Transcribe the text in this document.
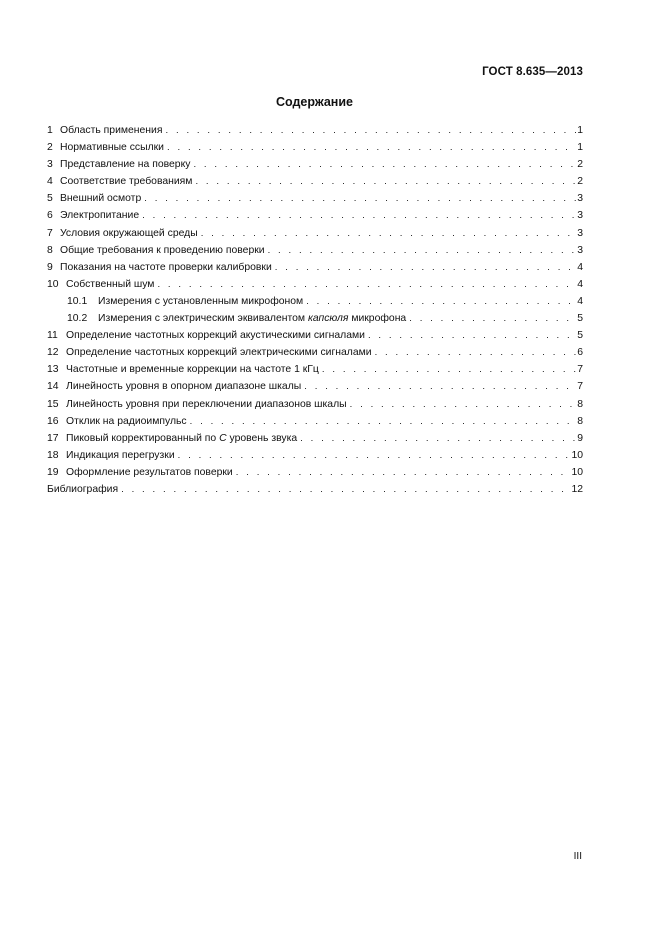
ГОСТ 8.635—2013
Содержание
1 Область применения . . .	1
2 Нормативные ссылки . . .	1
3 Представление на поверку . . .	2
4 Соответствие требованиям . . .	2
5 Внешний осмотр . . .	3
6 Электропитание . . .	3
7 Условия окружающей среды . . .	3
8 Общие требования к проведению поверки . . .	3
9 Показания на частоте проверки калибровки . . .	4
10 Собственный шум . . .	4
10.1	Измерения с установленным микрофоном . . .	4
10.2	Измерения с электрическим эквивалентом капсюля микрофона . . .	5
11 Определение частотных коррекций акустическими сигналами . . .	5
12 Определение частотных коррекций электрическими сигналами . . .	6
13 Частотные и временные коррекции на частоте 1 кГц . . .	7
14 Линейность уровня в опорном диапазоне шкалы . . .	7
15 Линейность уровня при переключении диапазонов шкалы . . .	8
16 Отклик на радиоимпульс . . .	8
17 Пиковый корректированный по С уровень звука . . .	9
18 Индикация перегрузки . . .	10
19 Оформление результатов поверки . . .	10
Библиография . . .	12
III
